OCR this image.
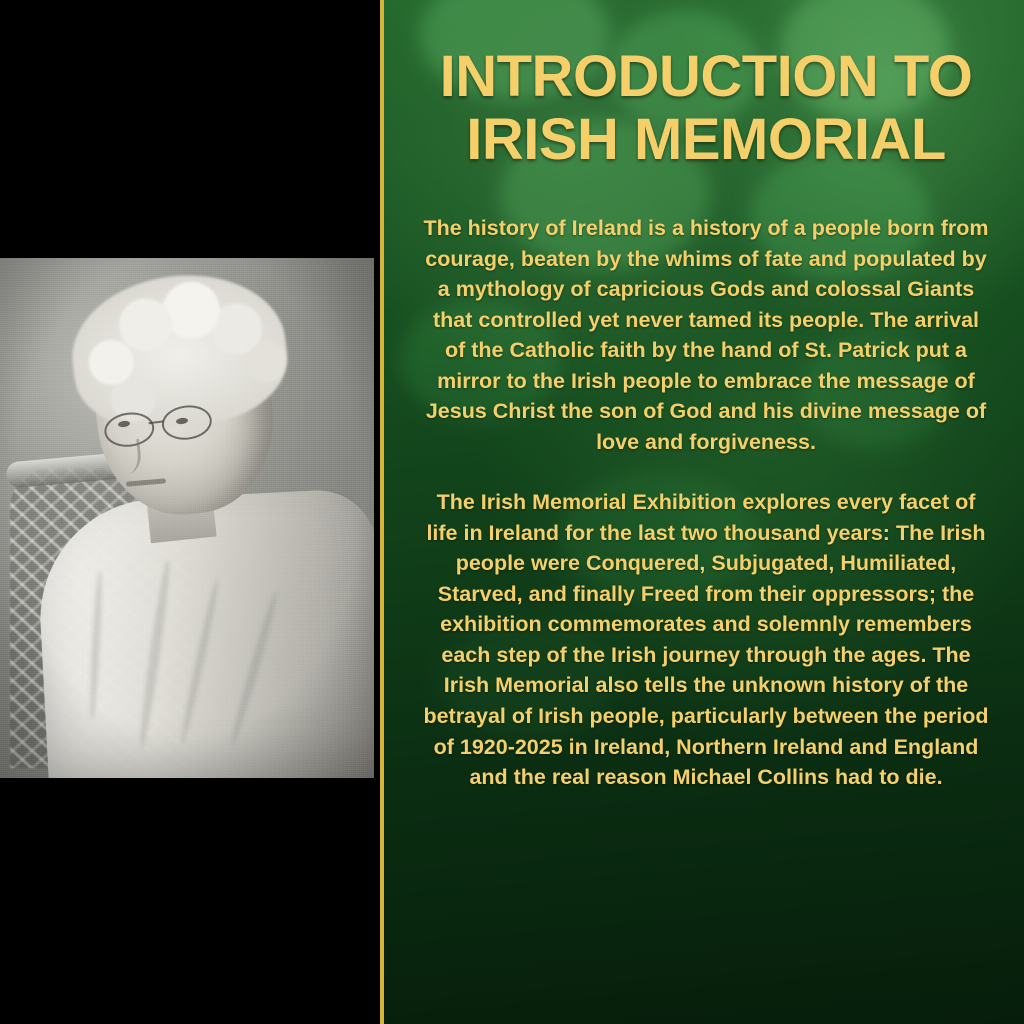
INTRODUCTION TO IRISH MEMORIAL

The history of Ireland is a history of a people born from courage, beaten by the whims of fate and populated by a mythology of capricious Gods and colossal Giants that controlled yet never tamed its people. The arrival of the Catholic faith by the hand of St. Patrick put a mirror to the Irish people to embrace the message of Jesus Christ the son of God and his divine message of love and forgiveness.

The Irish Memorial Exhibition explores every facet of life in Ireland for the last two thousand years: The Irish people were Conquered, Subjugated, Humiliated, Starved, and finally Freed from their oppressors; the exhibition commemorates and solemnly remembers each step of the Irish journey through the ages. The Irish Memorial also tells the unknown history of the betrayal of Irish people, particularly between the period of 1920-2025 in Ireland, Northern Ireland and England and the real reason Michael Collins had to die.
